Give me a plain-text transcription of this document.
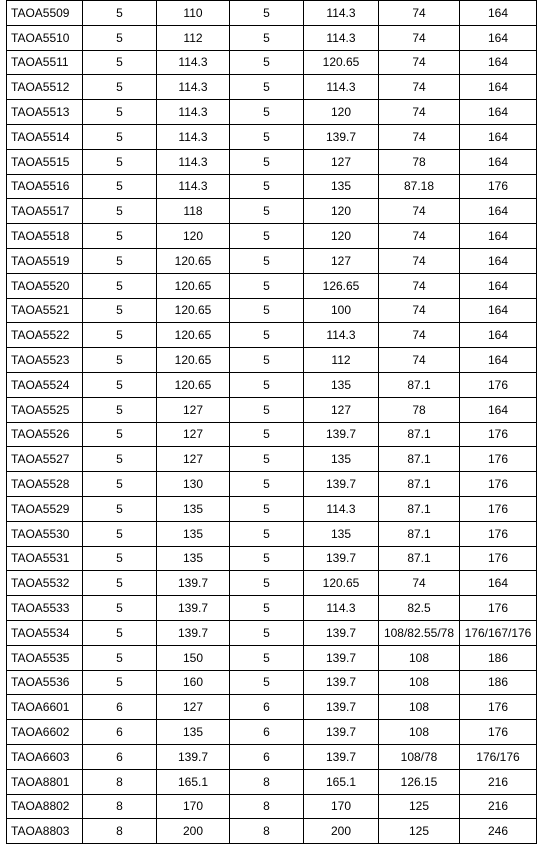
TAOA5509	5	110	5	114.3	74	164
TAOA5510	5	112	5	114.3	74	164
TAOA5511	5	114.3	5	120.65	74	164
TAOA5512	5	114.3	5	114.3	74	164
TAOA5513	5	114.3	5	120	74	164
TAOA5514	5	114.3	5	139.7	74	164
TAOA5515	5	114.3	5	127	78	164
TAOA5516	5	114.3	5	135	87.18	176
TAOA5517	5	118	5	120	74	164
TAOA5518	5	120	5	120	74	164
TAOA5519	5	120.65	5	127	74	164
TAOA5520	5	120.65	5	126.65	74	164
TAOA5521	5	120.65	5	100	74	164
TAOA5522	5	120.65	5	114.3	74	164
TAOA5523	5	120.65	5	112	74	164
TAOA5524	5	120.65	5	135	87.1	176
TAOA5525	5	127	5	127	78	164
TAOA5526	5	127	5	139.7	87.1	176
TAOA5527	5	127	5	135	87.1	176
TAOA5528	5	130	5	139.7	87.1	176
TAOA5529	5	135	5	114.3	87.1	176
TAOA5530	5	135	5	135	87.1	176
TAOA5531	5	135	5	139.7	87.1	176
TAOA5532	5	139.7	5	120.65	74	164
TAOA5533	5	139.7	5	114.3	82.5	176
TAOA5534	5	139.7	5	139.7	108/82.55/78	176/167/176
TAOA5535	5	150	5	139.7	108	186
TAOA5536	5	160	5	139.7	108	186
TAOA6601	6	127	6	139.7	108	176
TAOA6602	6	135	6	139.7	108	176
TAOA6603	6	139.7	6	139.7	108/78	176/176
TAOA8801	8	165.1	8	165.1	126.15	216
TAOA8802	8	170	8	170	125	216
TAOA8803	8	200	8	200	125	246
